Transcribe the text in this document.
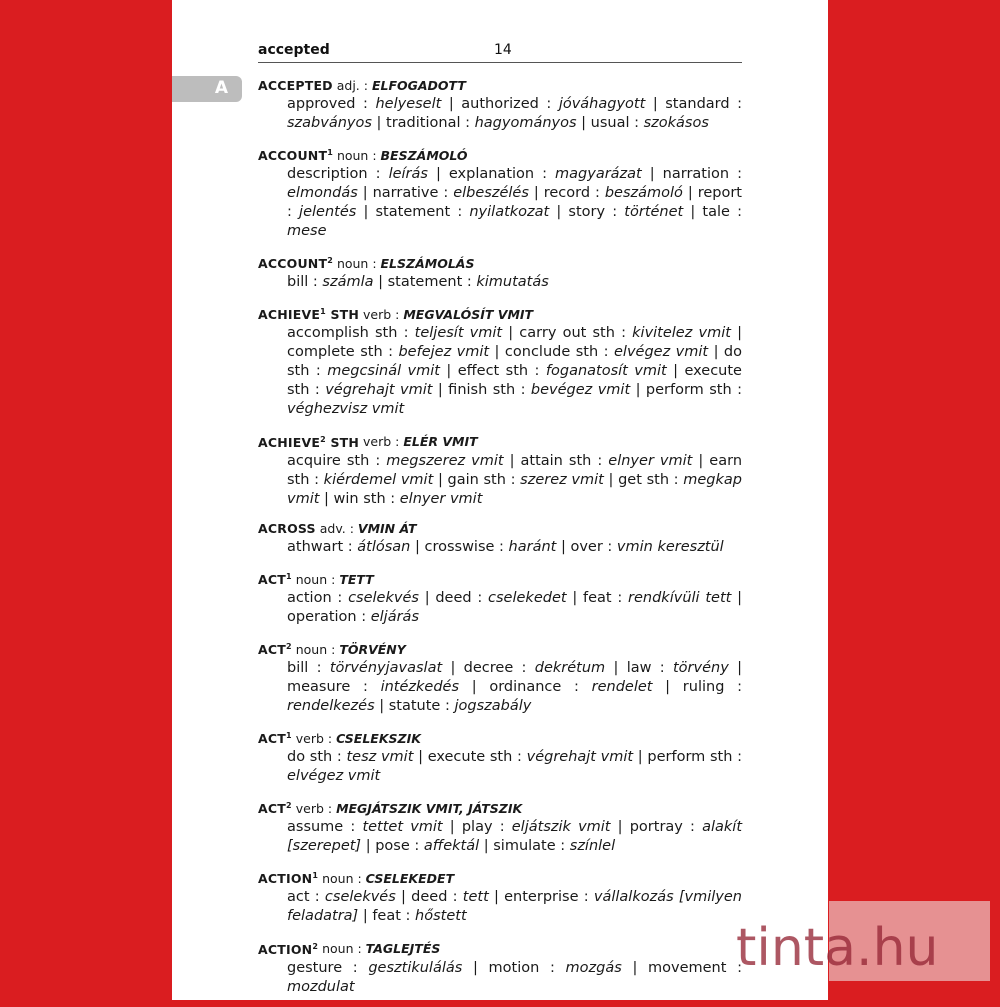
accepted	14
ACCEPTED adj. : ELFOGADOTT
approved : helyeselt | authorized : jóváhagyott | standard : szabványos | traditional : hagyományos | usual : szokásos
ACCOUNT$^1$ noun : BESZÁMOLÓ
description : leírás | explanation : magyarázat | narration : elmondás | narrative : elbeszélés | record : beszámoló | report : jelentés | statement : nyilatkozat | story : történet | tale : mese
ACCOUNT$^2$ noun : ELSZÁMOLÁS
bill : számla | statement : kimutatás
ACHIEVE$^1$ STH verb : MEGVALÓSÍT VMIT
accomplish sth : teljesít vmit | carry out sth : kivitelez vmit | complete sth : befejez vmit | conclude sth : elvégez vmit | do sth : megcsinál vmit | effect sth : foganatosít vmit | execute sth : végrehajt vmit | finish sth : bevégez vmit | perform sth : véghezvisz vmit
ACHIEVE$^2$ STH verb : ELÉR VMIT
acquire sth : megszerez vmit | attain sth : elnyer vmit | earn sth : kiérdemel vmit | gain sth : szerez vmit | get sth : megkap vmit | win sth : elnyer vmit
ACROSS adv. : VMIN ÁT
athwart : átlósan | crosswise : haránt | over : vmin keresztül
ACT$^1$ noun : TETT
action : cselekvés | deed : cselekedet | feat : rendkívüli tett | operation : eljárás
ACT$^2$ noun : TÖRVÉNY
bill : törvényjavaslat | decree : dekrétum | law : törvény | measure : intézkedés | ordinance : rendelet | ruling : rendelkezés | statute : jogszabály
ACT$^1$ verb : CSELEKSZIK
do sth : tesz vmit | execute sth : végrehajt vmit | perform sth : elvégez vmit
ACT$^2$ verb : MEGJÁTSZIK VMIT, JÁTSZIK
assume : tettet vmit | play : eljátszik vmit | portray : alakít [szerepet] | pose : affektál | simulate : színlel
ACTION$^1$ noun : CSELEKEDET
act : cselekvés | deed : tett | enterprise : vállalkozás [vmilyen feladatra] | feat : hőstett
ACTION$^2$ noun : TAGLEJTÉS
gesture : gesztikulálás | motion : mozgás | movement : mozdulat
A
tinta.hu
